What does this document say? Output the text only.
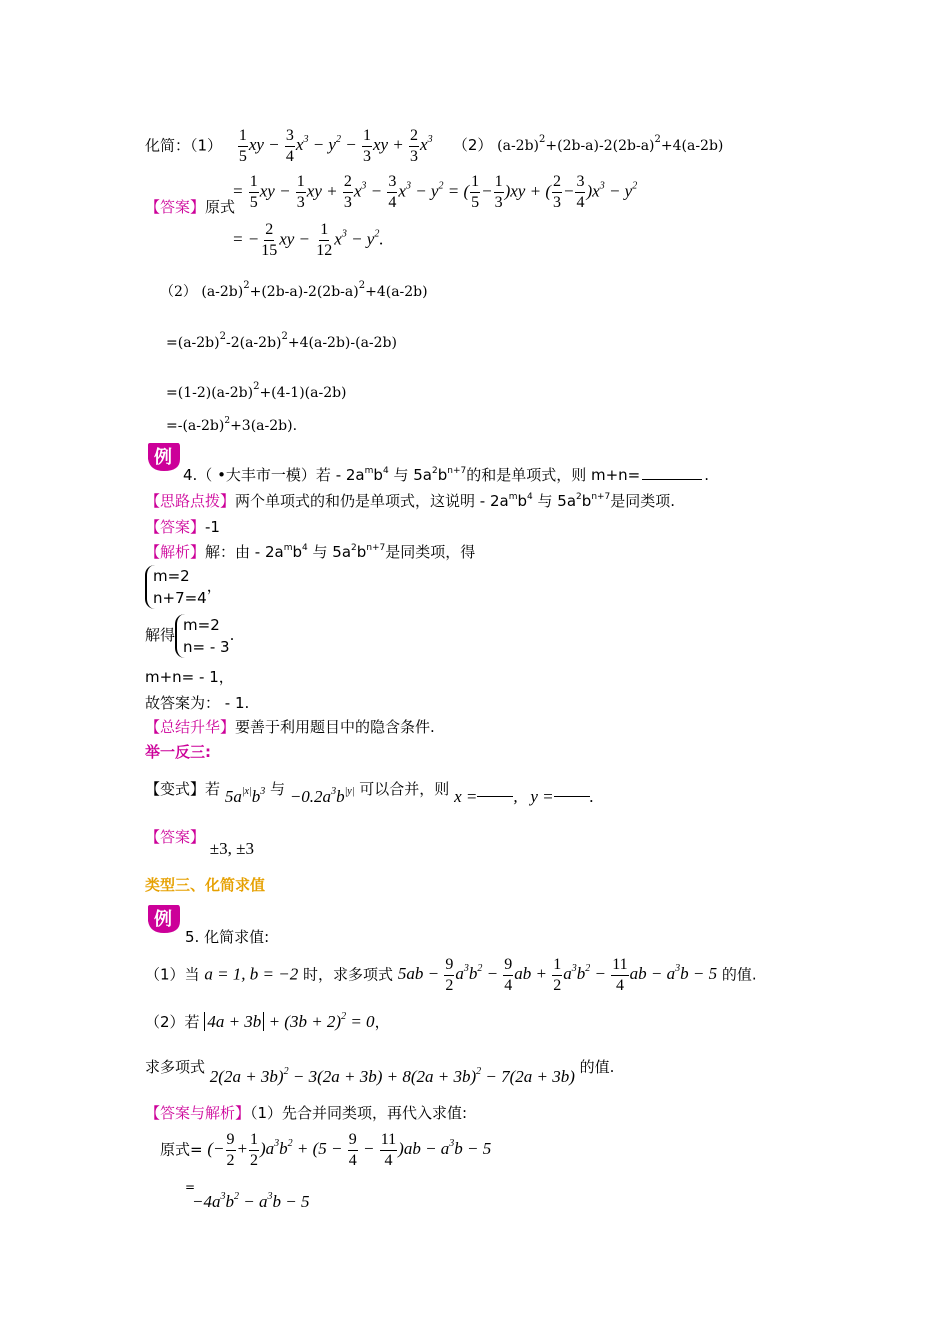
化简：$(1) \frac{1}{5}$ xy − $\frac{3}{4} x^3 - y^2 - \frac{1}{3}$ xy + $\frac{2}{3} x^3$ （2） $(a-2b)^2+(2b-a)-2(2b-a)^2+4(a-2b)$
= $\frac{1}{5}$ xy − $\frac{1}{3}$ xy + $\frac{2}{3} x^3 - \frac{3}{4} x^3 - y^2$ = ( $\frac{1}{5} - \frac{1}{3} )xy$ + ( $\frac{2}{3} - \frac{3}{4} )x^3 - y^2$
【答案】原式
= − $\frac{2}{15}$ xy − $\frac{1}{12} x^3 - y^2$.
（2） $(a-2b)^2+(2b-a)-2(2b-a)^2+4(a-2b)$
$=(a-2b)^2-2(a-2b)^2+4(a-2b)-(a-2b)$
$=(1-2)(a-2b)^2+(4-1)(a-2b)$
$=-(a-2b)^2+3(a-2b)$.
例
4.（ •大丰市一模）若 - $2a^mb^4$ 与 $5a^2b^{n+7}$的和是单项式，则 m+n=	.
【思路点拨】两个单项式的和仍是单项式，这说明 - $2a^mb^4$ 与 $5a^2b^{n+7}$是同类项.
【答案】-1
【解析】解：由 - $2a^mb^4$ 与 $5a^2b^{n+7}$是同类项，得
m=2
n+7=4，
解得m=2
n= - 3.
m+n= - 1，
故答案为： - 1.
【总结升华】要善于利用题目中的隐含条件.
举一反三:
【变式】若 $5a^{|x|}b^3$ 与 $-0.2a^3b^{|y|}$ 可以合并，则 x = ,   y = .
【答案】 ±3, ±3
类型三、化简求值
例
5. 化简求值:
（1）当 a = 1, b = −2 时，求多项式 $5ab - \frac{9}{2} a^3b^2 - \frac{9}{4}$ ab + $\frac{1}{2} a^3b^2 - \frac{11}{4}$ ab − $a^3b - 5$ 的值.
（2）若 $4a + 3b + (3b + 2)^2 = 0$，
求多项式 $2(2a + 3b)^2 - 3(2a + 3b) + 8(2a + 3b)^2 - 7(2a + 3b)$ 的值.
【答案与解析】（1）先合并同类项，再代入求值:
原式= (− $\frac{9}{2} + \frac{1}{2} )a^3b^2 + (5 - \frac{9}{4} - \frac{11}{4} )ab - a^3b - 5$
=
$-4a^3b^2 - a^3b - 5$
